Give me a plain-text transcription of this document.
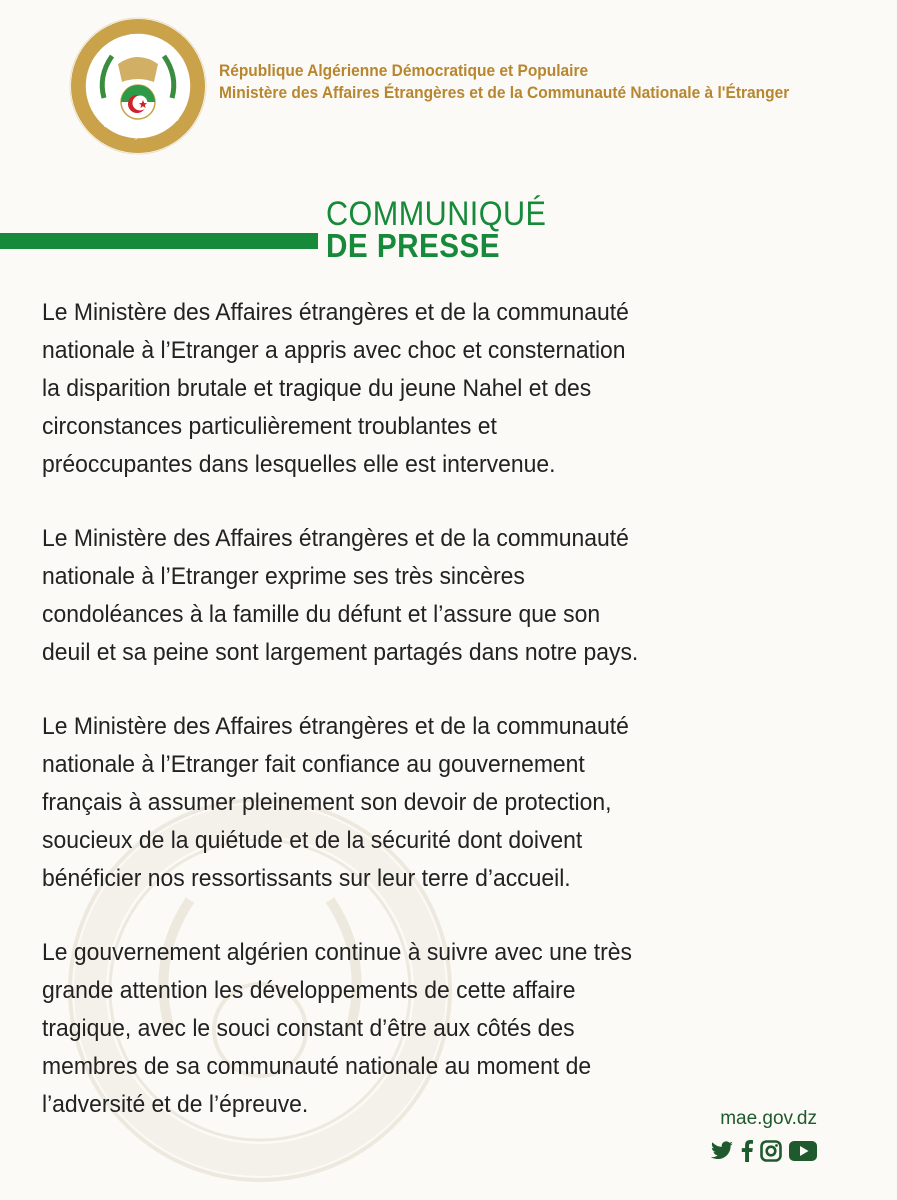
وزارة الشؤون الخارجية - الجزائر
Ministry of Foreign Affairs - Algeria
République Algérienne Démocratique et Populaire
Ministère des Affaires Étrangères et de la Communauté Nationale à l'Étranger
COMMUNIQUÉ
DE PRESSE

Le Ministère des Affaires étrangères et de la communauté
nationale à l’Etranger a appris avec choc et consternation
la disparition brutale et tragique du jeune Nahel et des
circonstances particulièrement troublantes et
préoccupantes dans lesquelles elle est intervenue.

Le Ministère des Affaires étrangères et de la communauté
nationale à l’Etranger exprime ses très sincères
condoléances à la famille du défunt et l’assure que son
deuil et sa peine sont largement partagés dans notre pays.

Le Ministère des Affaires étrangères et de la communauté
nationale à l’Etranger fait confiance au gouvernement
français à assumer pleinement son devoir de protection,
soucieux de la quiétude et de la sécurité dont doivent
bénéficier nos ressortissants sur leur terre d’accueil.

Le gouvernement algérien continue à suivre avec une très
grande attention les développements de cette affaire
tragique, avec le souci constant d’être aux côtés des
membres de sa communauté nationale au moment de
l’adversité et de l’épreuve.

mae.gov.dz
